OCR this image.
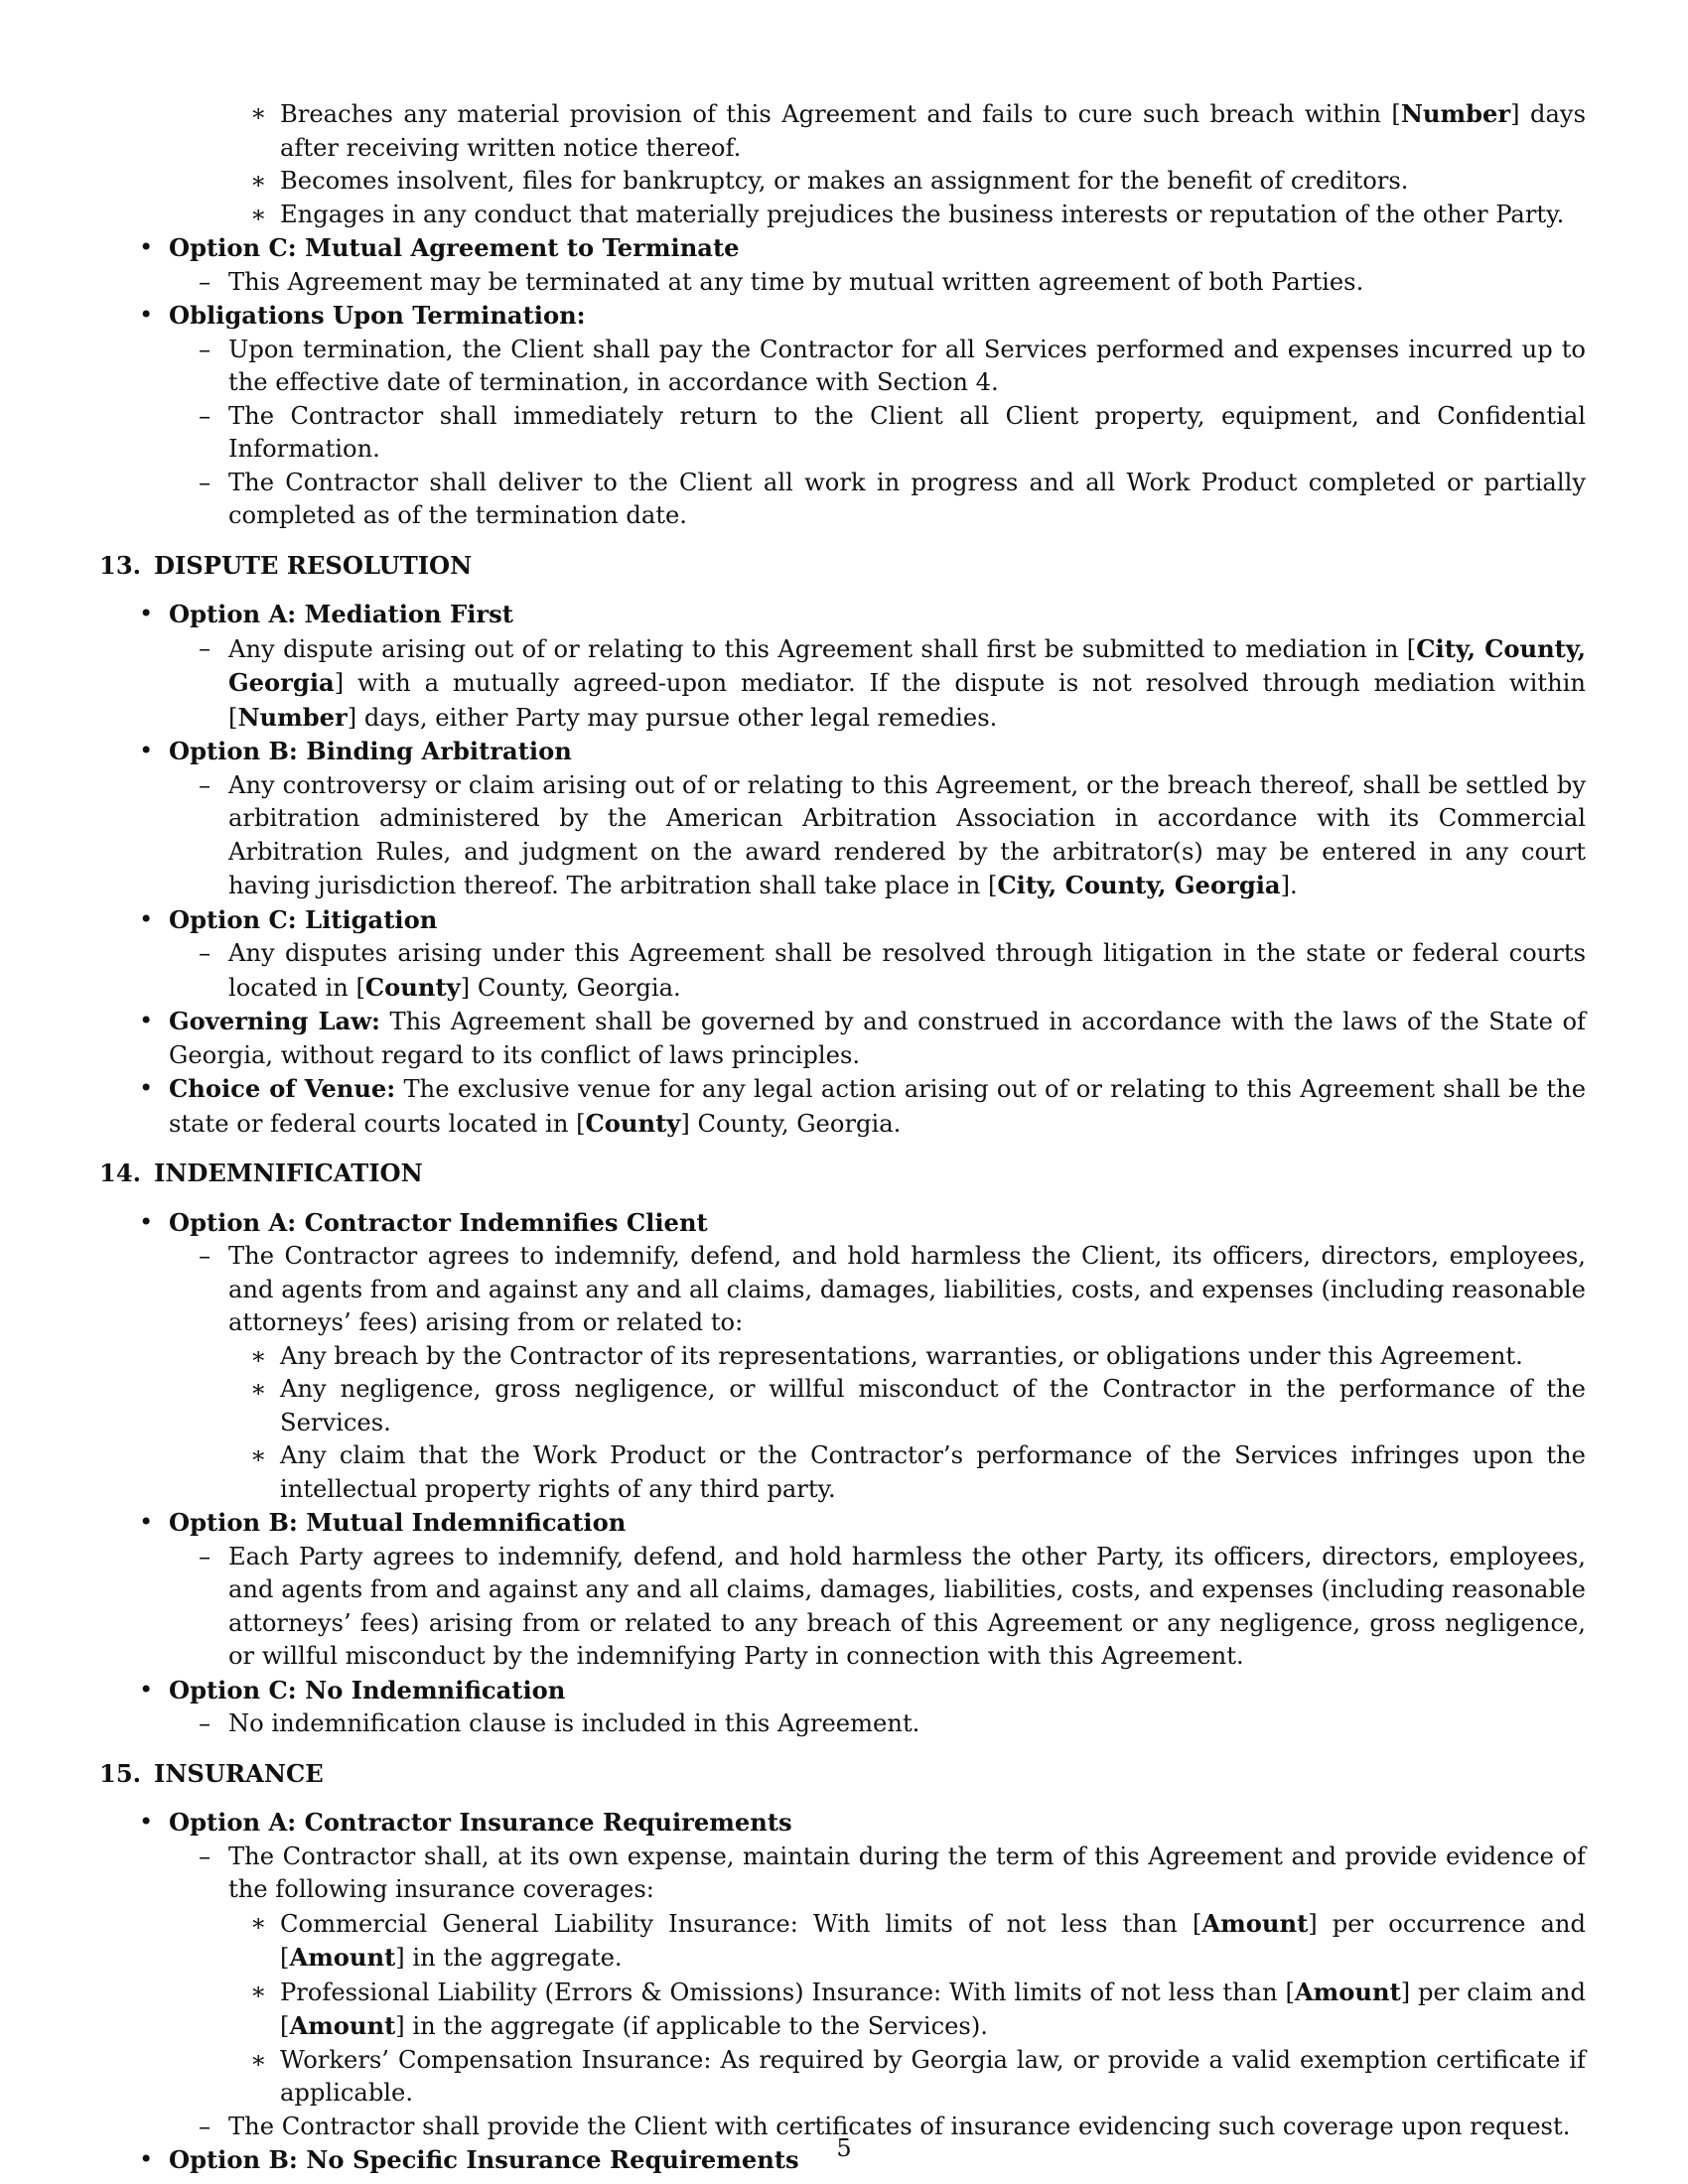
∗ Breaches any material provision of this Agreement and fails to cure such breach within [Number] days after receiving written notice thereof.
∗ Becomes insolvent, files for bankruptcy, or makes an assignment for the benefit of creditors.
∗ Engages in any conduct that materially prejudices the business interests or reputation of the other Party.
• Option C: Mutual Agreement to Terminate
– This Agreement may be terminated at any time by mutual written agreement of both Parties.
• Obligations Upon Termination:
– Upon termination, the Client shall pay the Contractor for all Services performed and expenses incurred up to the effective date of termination, in accordance with Section 4.
– The Contractor shall immediately return to the Client all Client property, equipment, and Confidential Information.
– The Contractor shall deliver to the Client all work in progress and all Work Product completed or partially completed as of the termination date.
13. DISPUTE RESOLUTION
• Option A: Mediation First
– Any dispute arising out of or relating to this Agreement shall first be submitted to mediation in [City, County, Georgia] with a mutually agreed-upon mediator. If the dispute is not resolved through mediation within [Number] days, either Party may pursue other legal remedies.
• Option B: Binding Arbitration
– Any controversy or claim arising out of or relating to this Agreement, or the breach thereof, shall be settled by arbitration administered by the American Arbitration Association in accordance with its Commercial Arbitration Rules, and judgment on the award rendered by the arbitrator(s) may be entered in any court having jurisdiction thereof. The arbitration shall take place in [City, County, Georgia].
• Option C: Litigation
– Any disputes arising under this Agreement shall be resolved through litigation in the state or federal courts located in [County] County, Georgia.
• Governing Law: This Agreement shall be governed by and construed in accordance with the laws of the State of Georgia, without regard to its conflict of laws principles.
• Choice of Venue: The exclusive venue for any legal action arising out of or relating to this Agreement shall be the state or federal courts located in [County] County, Georgia.
14. INDEMNIFICATION
• Option A: Contractor Indemnifies Client
– The Contractor agrees to indemnify, defend, and hold harmless the Client, its officers, directors, employees, and agents from and against any and all claims, damages, liabilities, costs, and expenses (including reasonable attorneys’ fees) arising from or related to:
∗ Any breach by the Contractor of its representations, warranties, or obligations under this Agreement.
∗ Any negligence, gross negligence, or willful misconduct of the Contractor in the performance of the Services.
∗ Any claim that the Work Product or the Contractor’s performance of the Services infringes upon the intellectual property rights of any third party.
• Option B: Mutual Indemnification
– Each Party agrees to indemnify, defend, and hold harmless the other Party, its officers, directors, employees, and agents from and against any and all claims, damages, liabilities, costs, and expenses (including reasonable attorneys’ fees) arising from or related to any breach of this Agreement or any negligence, gross negligence, or willful misconduct by the indemnifying Party in connection with this Agreement.
• Option C: No Indemnification
– No indemnification clause is included in this Agreement.
15. INSURANCE
• Option A: Contractor Insurance Requirements
– The Contractor shall, at its own expense, maintain during the term of this Agreement and provide evidence of the following insurance coverages:
∗ Commercial General Liability Insurance: With limits of not less than [Amount] per occurrence and [Amount] in the aggregate.
∗ Professional Liability (Errors & Omissions) Insurance: With limits of not less than [Amount] per claim and [Amount] in the aggregate (if applicable to the Services).
∗ Workers’ Compensation Insurance: As required by Georgia law, or provide a valid exemption certificate if applicable.
– The Contractor shall provide the Client with certificates of insurance evidencing such coverage upon request.
• Option B: No Specific Insurance Requirements	5
